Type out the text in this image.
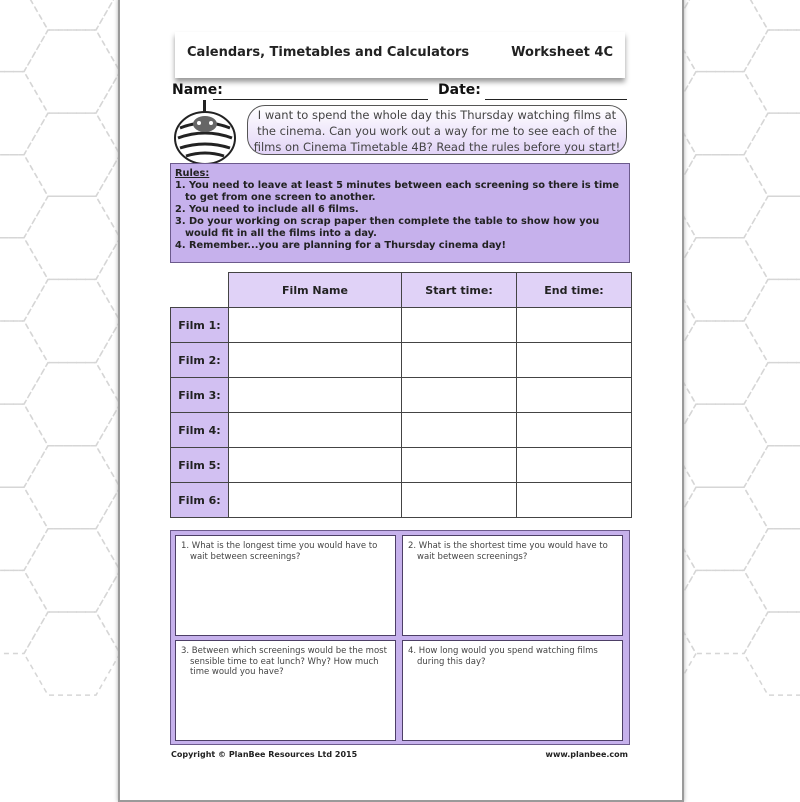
Calendars, Timetables and Calculators	Worksheet 4C
Name:	Date:
I want to spend the whole day this Thursday watching films at the cinema. Can you work out a way for me to see each of the films on Cinema Timetable 4B? Read the rules before you start!
Rules:
1. You need to leave at least 5 minutes between each screening so there is time to get from one screen to another.
2. You need to include all 6 films.
3. Do your working on scrap paper then complete the table to show how you would fit in all the films into a day.
4. Remember...you are planning for a Thursday cinema day!
	Film Name	Start time:	End time:
Film 1:			
Film 2:			
Film 3:			
Film 4:			
Film 5:			
Film 6:			
1. What is the longest time you would have to wait between screenings?
2. What is the shortest time you would have to wait between screenings?
3. Between which screenings would be the most sensible time to eat lunch? Why? How much time would you have?
4. How long would you spend watching films during this day?
Copyright © PlanBee Resources Ltd 2015	www.planbee.com
